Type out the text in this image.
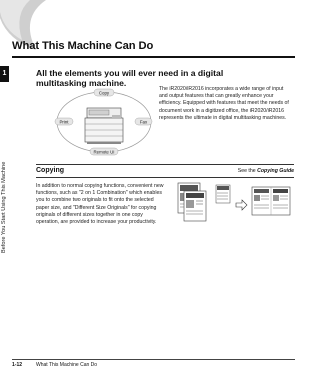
1
Before You Start Using This Machine
What This Machine Can Do
All the elements you will ever need in a digital multitasking machine.
Copy
Print	Fax
Remote UI
The iR2020/iR2016 incorporates a wide range of input and output features that can greatly enhance your efficiency. Equipped with features that meet the needs of document work in a digitized office, the iR2020/iR2016 represents the ultimate in digital multitasking machines.
Copying	See the Copying Guide
In addition to normal copying functions, convenient new functions, such as "2 on 1 Combination" which enables you to combine two originals to fit onto the selected paper size, and "Different Size Originals" for copying originals of different sizes together in one copy operation, are provided to increase your productivity.
1-12	What This Machine Can Do
